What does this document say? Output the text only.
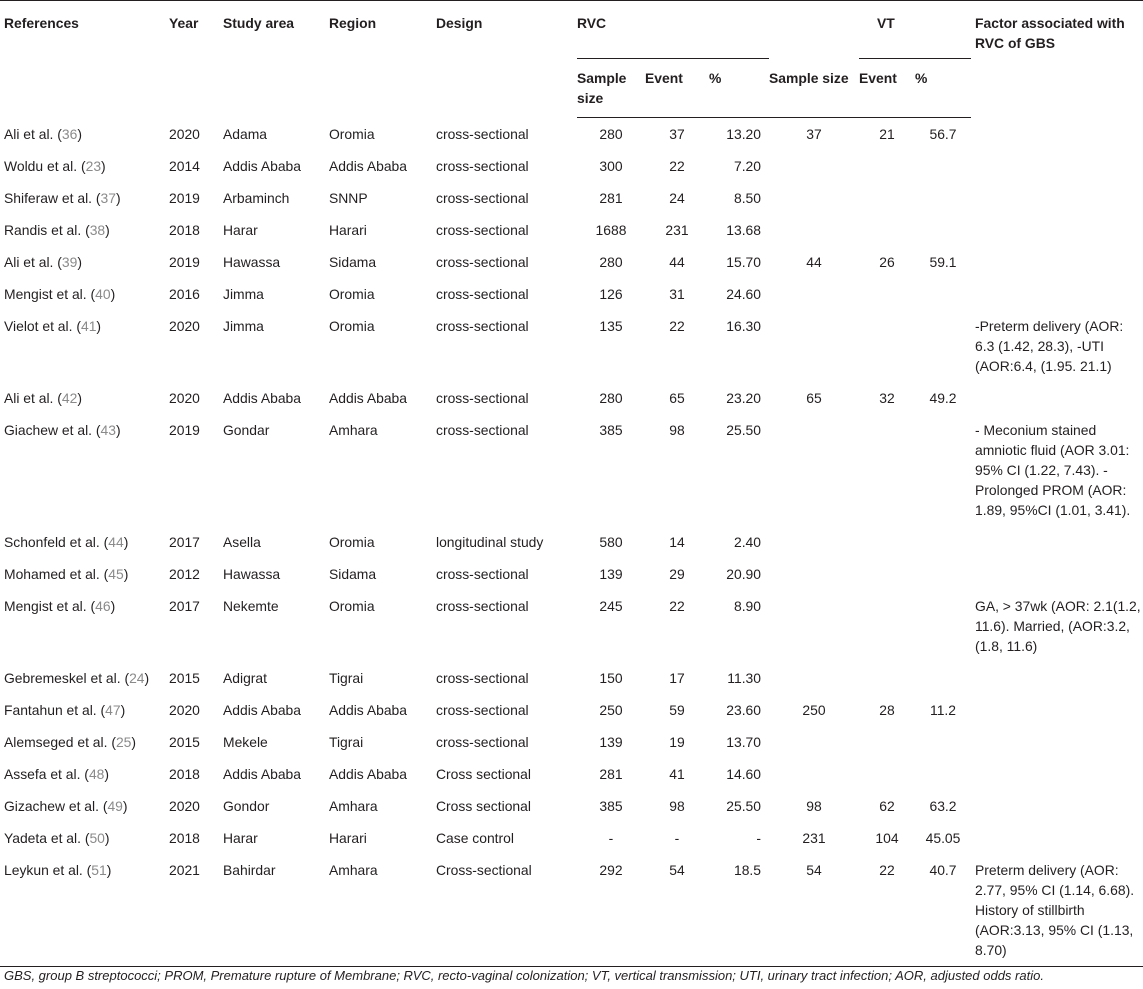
References	Year	Study area	Region	Design	RVC				VT		Factor associated with RVC of GBS
					Sample size	Event	%	Sample size	Event	%	
Ali et al. (36)	2020	Adama	Oromia	cross-sectional	280	37	13.20	37	21	56.7	
Woldu et al. (23)	2014	Addis Ababa	Addis Ababa	cross-sectional	300	22	7.20				
Shiferaw et al. (37)	2019	Arbaminch	SNNP	cross-sectional	281	24	8.50				
Randis et al. (38)	2018	Harar	Harari	cross-sectional	1688	231	13.68				
Ali et al. (39)	2019	Hawassa	Sidama	cross-sectional	280	44	15.70	44	26	59.1	
Mengist et al. (40)	2016	Jimma	Oromia	cross-sectional	126	31	24.60				
Vielot et al. (41)	2020	Jimma	Oromia	cross-sectional	135	22	16.30				-Preterm delivery (AOR: 6.3 (1.42, 28.3), -UTI (AOR:6.4, (1.95. 21.1)
Ali et al. (42)	2020	Addis Ababa	Addis Ababa	cross-sectional	280	65	23.20	65	32	49.2	
Giachew et al. (43)	2019	Gondar	Amhara	cross-sectional	385	98	25.50				- Meconium stained amniotic fluid (AOR 3.01: 95% CI (1.22, 7.43). -Prolonged PROM (AOR: 1.89, 95%CI (1.01, 3.41).
Schonfeld et al. (44)	2017	Asella	Oromia	longitudinal study	580	14	2.40				
Mohamed et al. (45)	2012	Hawassa	Sidama	cross-sectional	139	29	20.90				
Mengist et al. (46)	2017	Nekemte	Oromia	cross-sectional	245	22	8.90				GA, > 37wk (AOR: 2.1(1.2, 11.6). Married, (AOR:3.2, (1.8, 11.6)
Gebremeskel et al. (24)	2015	Adigrat	Tigrai	cross-sectional	150	17	11.30				
Fantahun et al. (47)	2020	Addis Ababa	Addis Ababa	cross-sectional	250	59	23.60	250	28	11.2	
Alemseged et al. (25)	2015	Mekele	Tigrai	cross-sectional	139	19	13.70				
Assefa et al. (48)	2018	Addis Ababa	Addis Ababa	Cross sectional	281	41	14.60				
Gizachew et al. (49)	2020	Gondor	Amhara	Cross sectional	385	98	25.50	98	62	63.2	
Yadeta et al. (50)	2018	Harar	Harari	Case control	-	-	-	231	104	45.05	
Leykun et al. (51)	2021	Bahirdar	Amhara	Cross-sectional	292	54	18.5	54	22	40.7	Preterm delivery (AOR: 2.77, 95% CI (1.14, 6.68). History of stillbirth (AOR:3.13, 95% CI (1.13, 8.70)
GBS, group B streptococci; PROM, Premature rupture of Membrane; RVC, recto-vaginal colonization; VT, vertical transmission; UTI, urinary tract infection; AOR, adjusted odds ratio.
